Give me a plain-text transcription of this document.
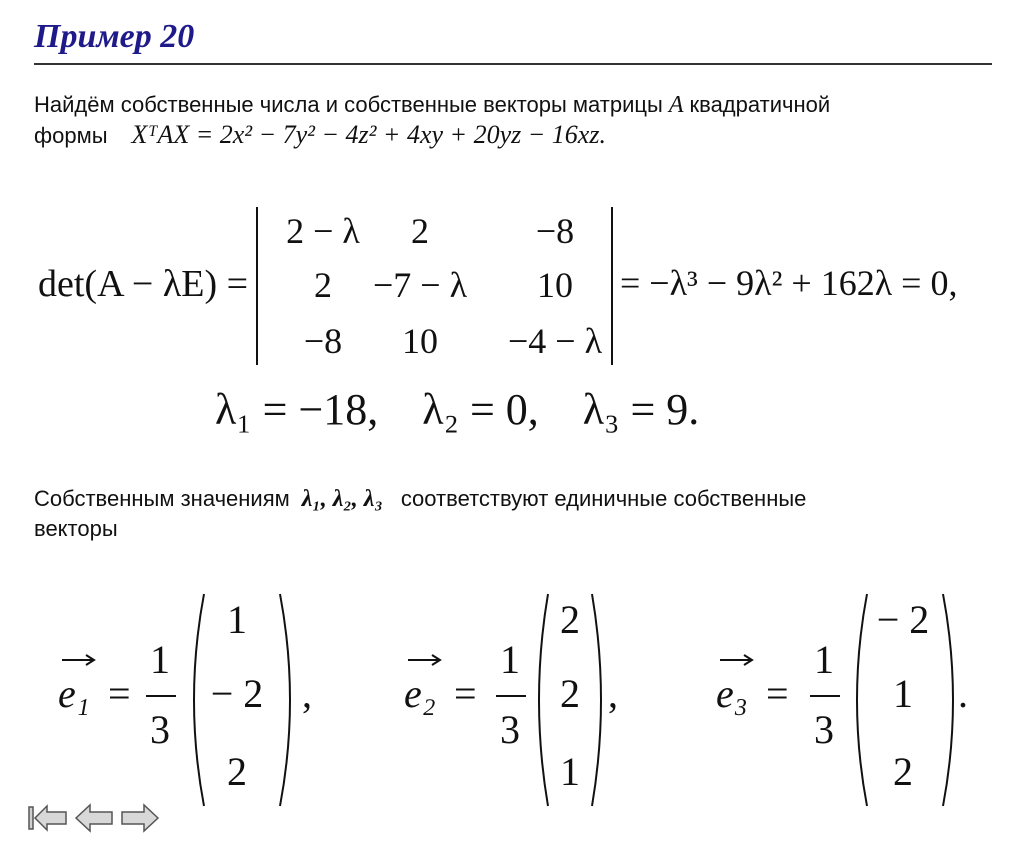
Пример 20
Найдём собственные числа и собственные векторы матрицы A квадратичной
формы XᵀAX = 2x² − 7y² − 4z² + 4xy + 20yz − 16xz.
det(A − λE) =
2 − λ	2	−8
2	−7 − λ	10
−8	10	−4 − λ
= −λ³ − 9λ² + 162λ = 0,
λ₁ = −18,    λ₂ = 0,    λ₃ = 9.
Собственным значениям λ₁, λ₂, λ₃ соответствуют единичные собственные
векторы
e₁ =
1
3
1
− 2
2
, e₂ =
1
3
2
2
1
, e₃ =
1
3
− 2
1
2
.
